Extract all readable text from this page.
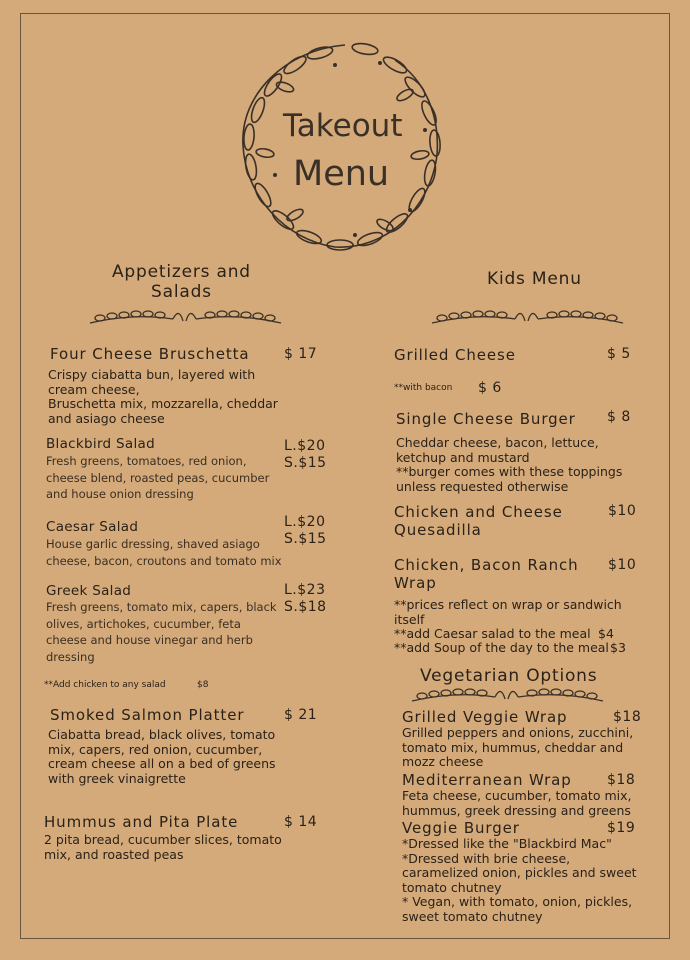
Takeout
Menu
Appetizers and
Salads
Four Cheese Bruschetta $ 17
Crispy ciabatta bun, layered with
cream cheese,
Bruschetta mix, mozzarella, cheddar
and asiago cheese
Blackbird Salad	L.$20
S.$15
Fresh greens, tomatoes, red onion,
cheese blend, roasted peas, cucumber
and house onion dressing
Caesar Salad	L.$20
S.$15
House garlic dressing, shaved asiago
cheese, bacon, croutons and tomato mix
Greek Salad	L.$23
S.$18
Fresh greens, tomato mix, capers, black
olives, artichokes, cucumber, feta
cheese and house vinegar and herb
dressing
**Add chicken to any salad	$8
Smoked Salmon Platter	$ 21
Ciabatta bread, black olives, tomato
mix, capers, red onion, cucumber,
cream cheese all on a bed of greens
with greek vinaigrette
Hummus and Pita Plate	$ 14
2 pita bread, cucumber slices, tomato
mix, and roasted peas
Kids Menu
Grilled Cheese	$ 5
**with bacon $ 6
Single Cheese Burger $ 8
Cheddar cheese, bacon, lettuce,
ketchup and mustard
**burger comes with these toppings
unless requested otherwise
Chicken and Cheese
Quesadilla
$10
Chicken, Bacon Ranch
Wrap
$10
**prices reflect on wrap or sandwich
itself
**add Caesar salad to the meal $4
**add Soup of the day to the meal $3
Vegetarian Options
Grilled Veggie Wrap	$18
Grilled peppers and onions, zucchini,
tomato mix, hummus, cheddar and
mozz cheese
Mediterranean Wrap	$18
Feta cheese, cucumber, tomato mix,
hummus, greek dressing and greens
Veggie Burger	$19
*Dressed like the "Blackbird Mac"
*Dressed with brie cheese,
caramelized onion, pickles and sweet
tomato chutney
* Vegan, with tomato, onion, pickles,
sweet tomato chutney
